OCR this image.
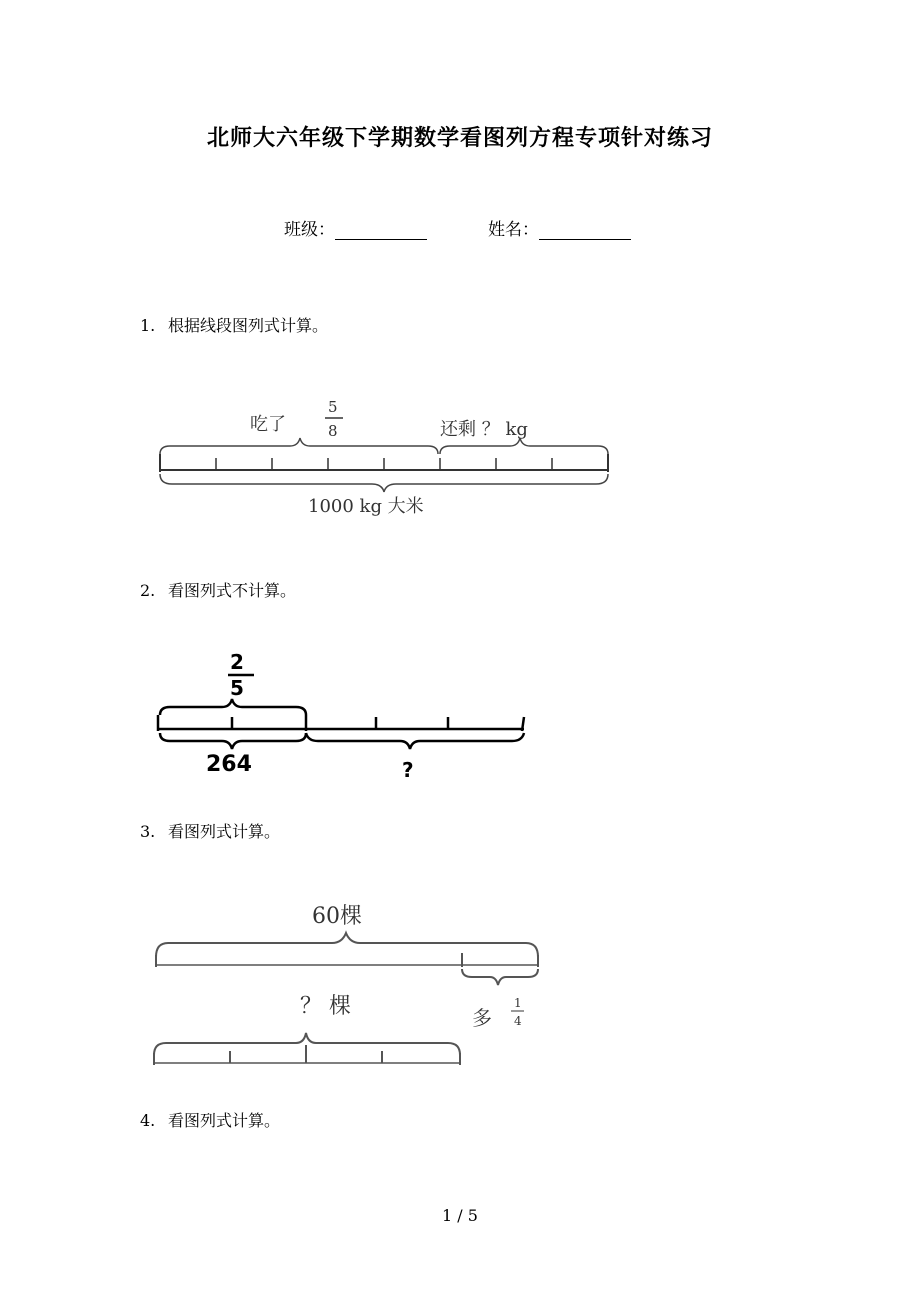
北师大六年级下学期数学看图列方程专项针对练习
班级：	姓名：
1. 根据线段图列式计算。
吃了
5
8	还剩 ？ kg
1000 kg 大米
2. 看图列式不计算。
2
5
264	?
3. 看图列式计算。
60棵
？ 棵	多
1
4
4. 看图列式计算。
1 / 5
